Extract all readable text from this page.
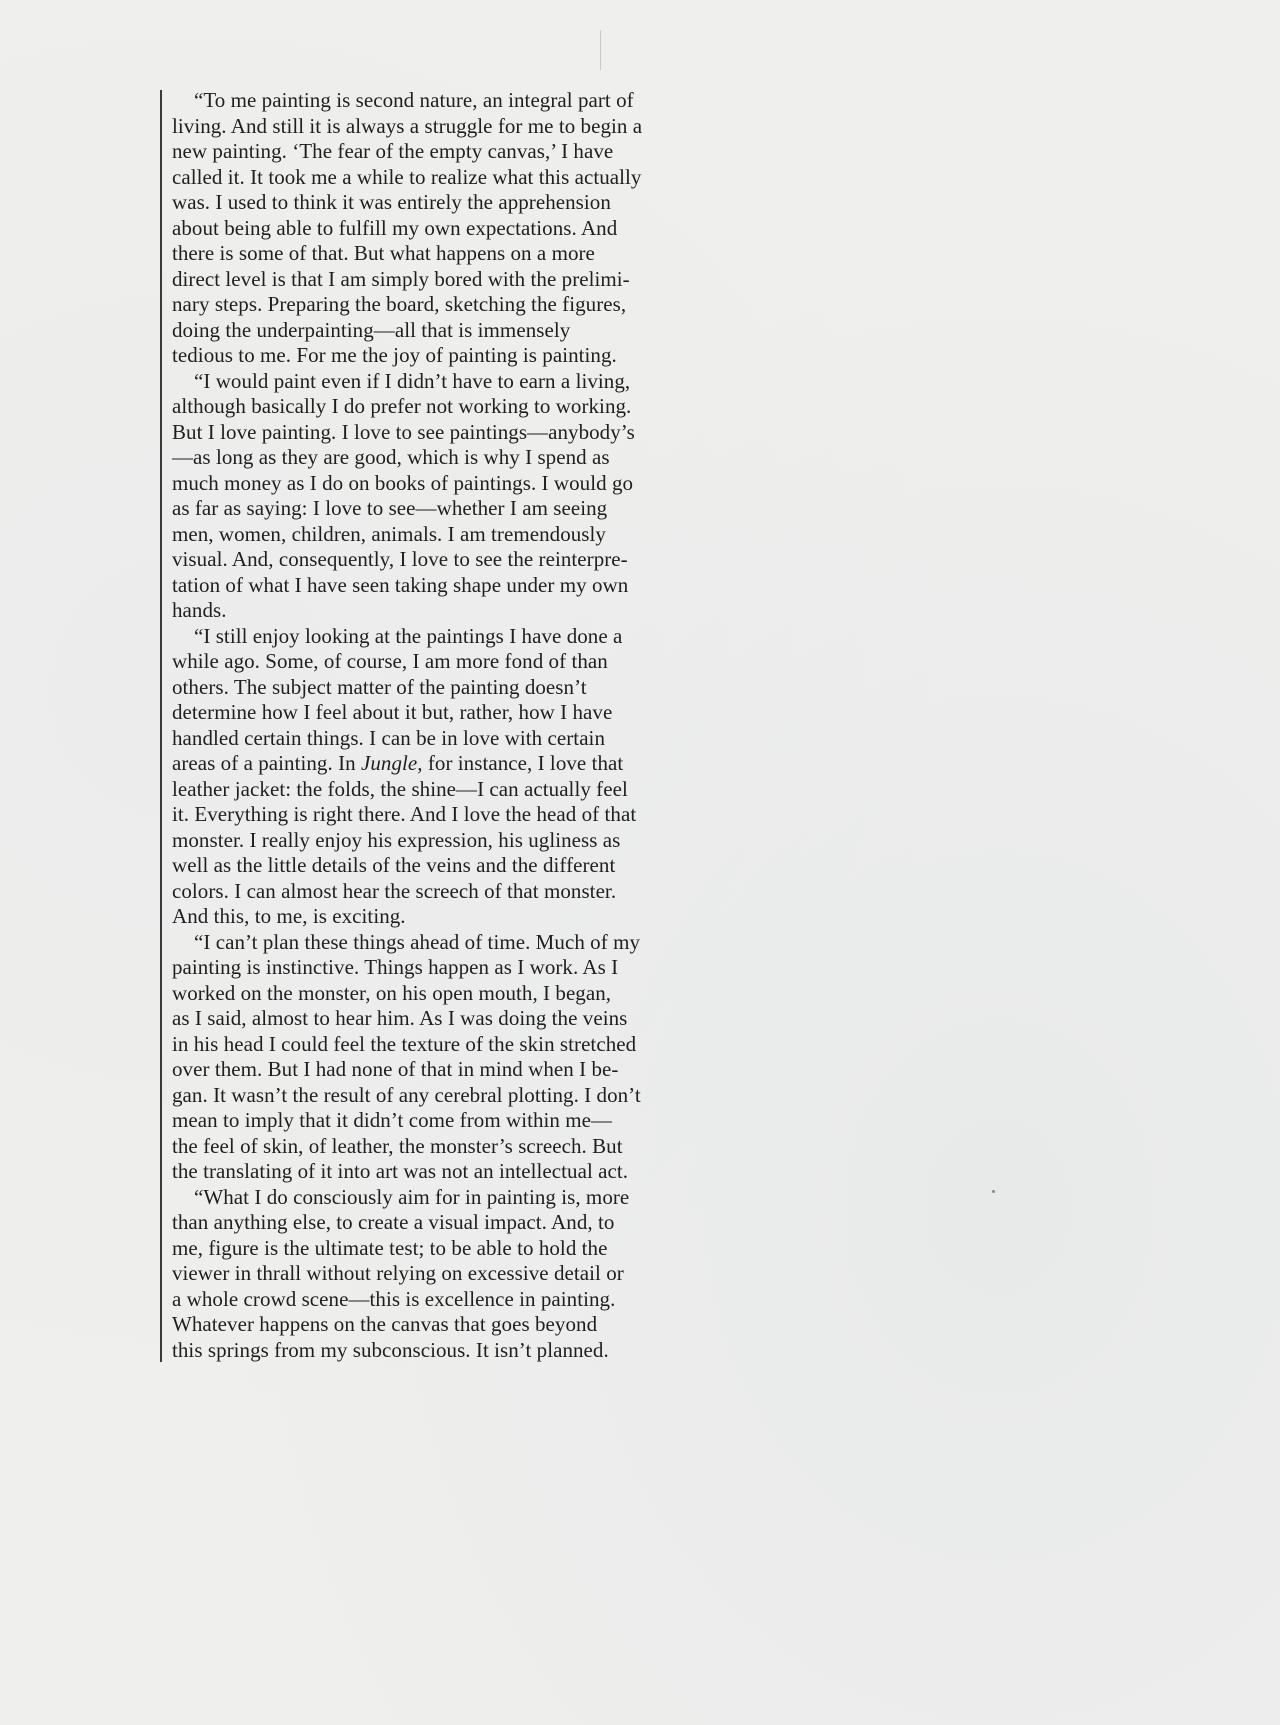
“To me painting is second nature, an integral part of
living. And still it is always a struggle for me to begin a
new painting. ‘The fear of the empty canvas,’ I have
called it. It took me a while to realize what this actually
was. I used to think it was entirely the apprehension
about being able to fulfill my own expectations. And
there is some of that. But what happens on a more
direct level is that I am simply bored with the prelimi-
nary steps. Preparing the board, sketching the figures,
doing the underpainting—all that is immensely
tedious to me. For me the joy of painting is painting.
“I would paint even if I didn’t have to earn a living,
although basically I do prefer not working to working.
But I love painting. I love to see paintings—anybody’s
—as long as they are good, which is why I spend as
much money as I do on books of paintings. I would go
as far as saying: I love to see—whether I am seeing
men, women, children, animals. I am tremendously
visual. And, consequently, I love to see the reinterpre-
tation of what I have seen taking shape under my own
hands.
“I still enjoy looking at the paintings I have done a
while ago. Some, of course, I am more fond of than
others. The subject matter of the painting doesn’t
determine how I feel about it but, rather, how I have
handled certain things. I can be in love with certain
areas of a painting. In Jungle, for instance, I love that
leather jacket: the folds, the shine—I can actually feel
it. Everything is right there. And I love the head of that
monster. I really enjoy his expression, his ugliness as
well as the little details of the veins and the different
colors. I can almost hear the screech of that monster.
And this, to me, is exciting.
“I can’t plan these things ahead of time. Much of my
painting is instinctive. Things happen as I work. As I
worked on the monster, on his open mouth, I began,
as I said, almost to hear him. As I was doing the veins
in his head I could feel the texture of the skin stretched
over them. But I had none of that in mind when I be-
gan. It wasn’t the result of any cerebral plotting. I don’t
mean to imply that it didn’t come from within me—
the feel of skin, of leather, the monster’s screech. But
the translating of it into art was not an intellectual act.
“What I do consciously aim for in painting is, more
than anything else, to create a visual impact. And, to
me, figure is the ultimate test; to be able to hold the
viewer in thrall without relying on excessive detail or
a whole crowd scene—this is excellence in painting.
Whatever happens on the canvas that goes beyond
this springs from my subconscious. It isn’t planned.
